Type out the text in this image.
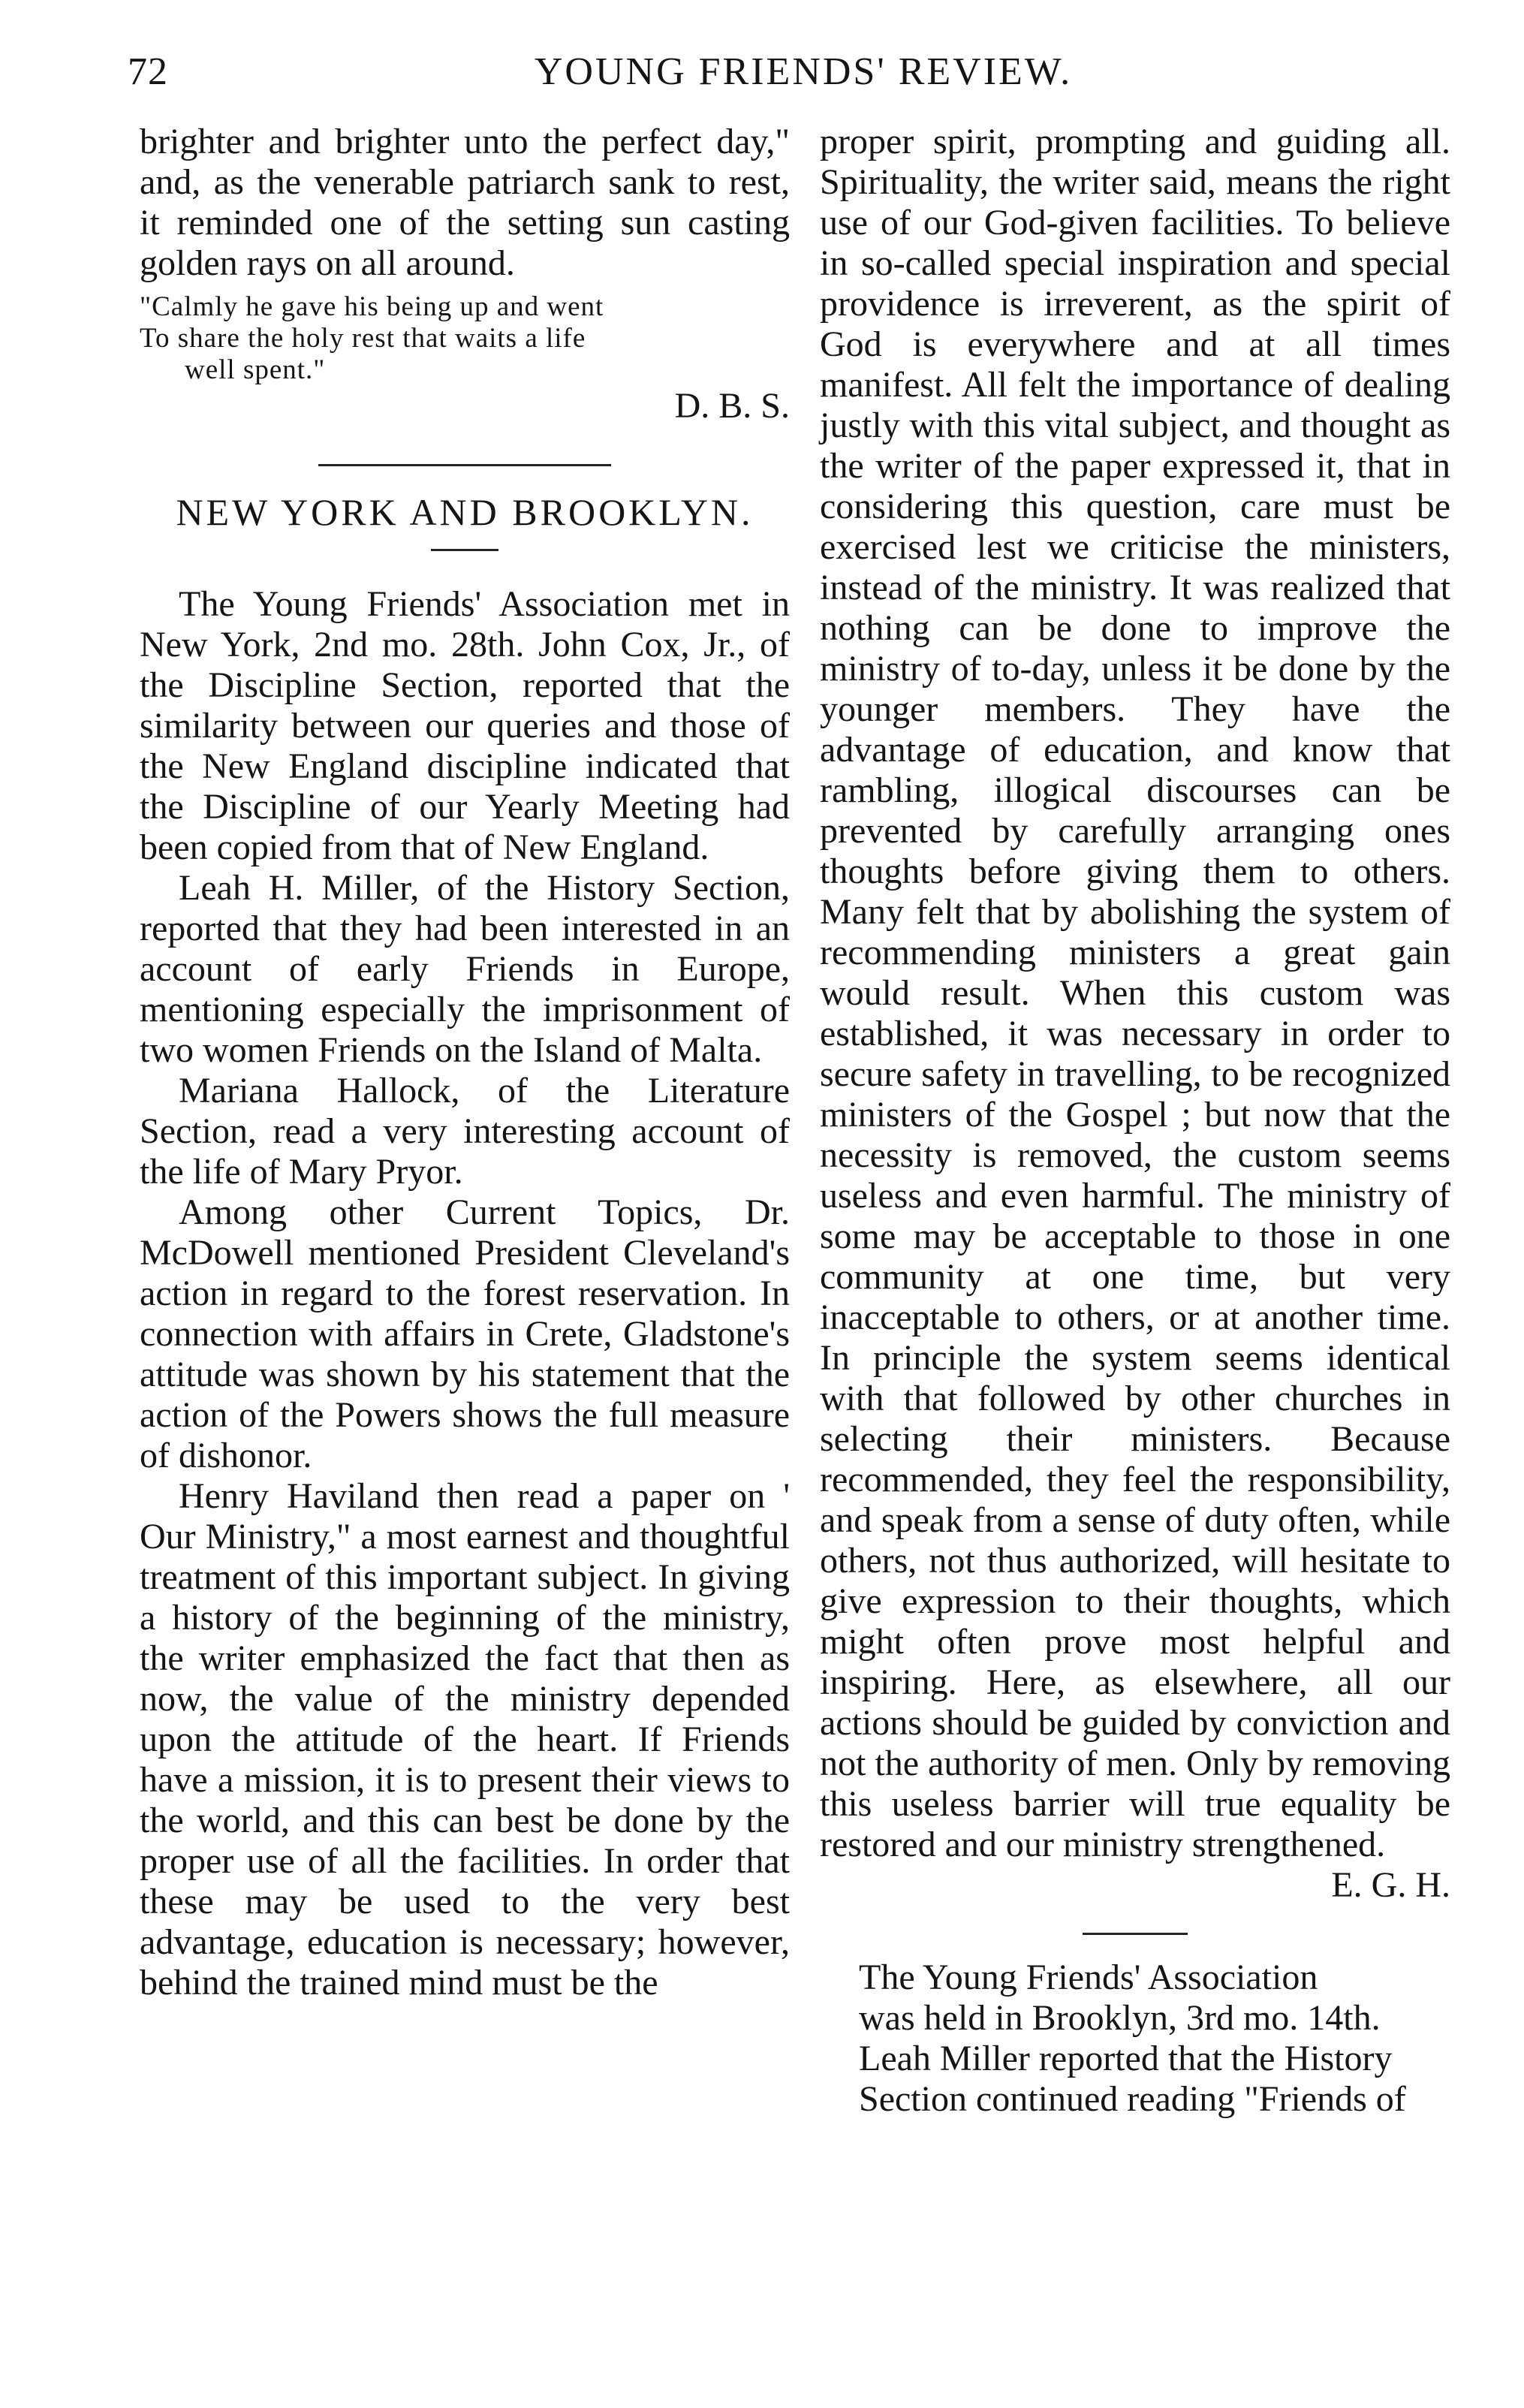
72	YOUNG FRIENDS' REVIEW.

brighter and brighter unto the perfect day," and, as the venerable patriarch sank to rest, it reminded one of the setting sun casting golden rays on all around.

"Calmly he gave his being up and went
To share the holy rest that waits a life
well spent."

D. B. S.

NEW YORK AND BROOKLYN.

The Young Friends' Association met in New York, 2nd mo. 28th. John Cox, Jr., of the Discipline Section, reported that the similarity between our queries and those of the New England discipline indicated that the Discipline of our Yearly Meeting had been copied from that of New England.

Leah H. Miller, of the History Section, reported that they had been interested in an account of early Friends in Europe, mentioning especially the imprisonment of two women Friends on the Island of Malta.

Mariana Hallock, of the Literature Section, read a very interesting account of the life of Mary Pryor.

Among other Current Topics, Dr. McDowell mentioned President Cleveland's action in regard to the forest reservation. In connection with affairs in Crete, Gladstone's attitude was shown by his statement that the action of the Powers shows the full measure of dishonor.

Henry Haviland then read a paper on ' Our Ministry," a most earnest and thoughtful treatment of this important subject. In giving a history of the beginning of the ministry, the writer emphasized the fact that then as now, the value of the ministry depended upon the attitude of the heart. If Friends have a mission, it is to present their views to the world, and this can best be done by the proper use of all the facilities. In order that these may be used to the very best advantage, education is necessary; however, behind the trained mind must be the

proper spirit, prompting and guiding all. Spirituality, the writer said, means the right use of our God-given facilities. To believe in so-called special inspiration and special providence is irreverent, as the spirit of God is everywhere and at all times manifest. All felt the importance of dealing justly with this vital subject, and thought as the writer of the paper expressed it, that in considering this question, care must be exercised lest we criticise the ministers, instead of the ministry. It was realized that nothing can be done to improve the ministry of to-day, unless it be done by the younger members. They have the advantage of education, and know that rambling, illogical discourses can be prevented by carefully arranging ones thoughts before giving them to others. Many felt that by abolishing the system of recommending ministers a great gain would result. When this custom was established, it was necessary in order to secure safety in travelling, to be recognized ministers of the Gospel ; but now that the necessity is removed, the custom seems useless and even harmful. The ministry of some may be acceptable to those in one community at one time, but very inacceptable to others, or at another time. In principle the system seems identical with that followed by other churches in selecting their ministers. Because recommended, they feel the responsibility, and speak from a sense of duty often, while others, not thus authorized, will hesitate to give expression to their thoughts, which might often prove most helpful and inspiring. Here, as elsewhere, all our actions should be guided by conviction and not the authority of men. Only by removing this useless barrier will true equality be restored and our ministry strengthened.

E. G. H.

The Young Friends' Association
was held in Brooklyn, 3rd mo. 14th.
Leah Miller reported that the History
Section continued reading "Friends of
